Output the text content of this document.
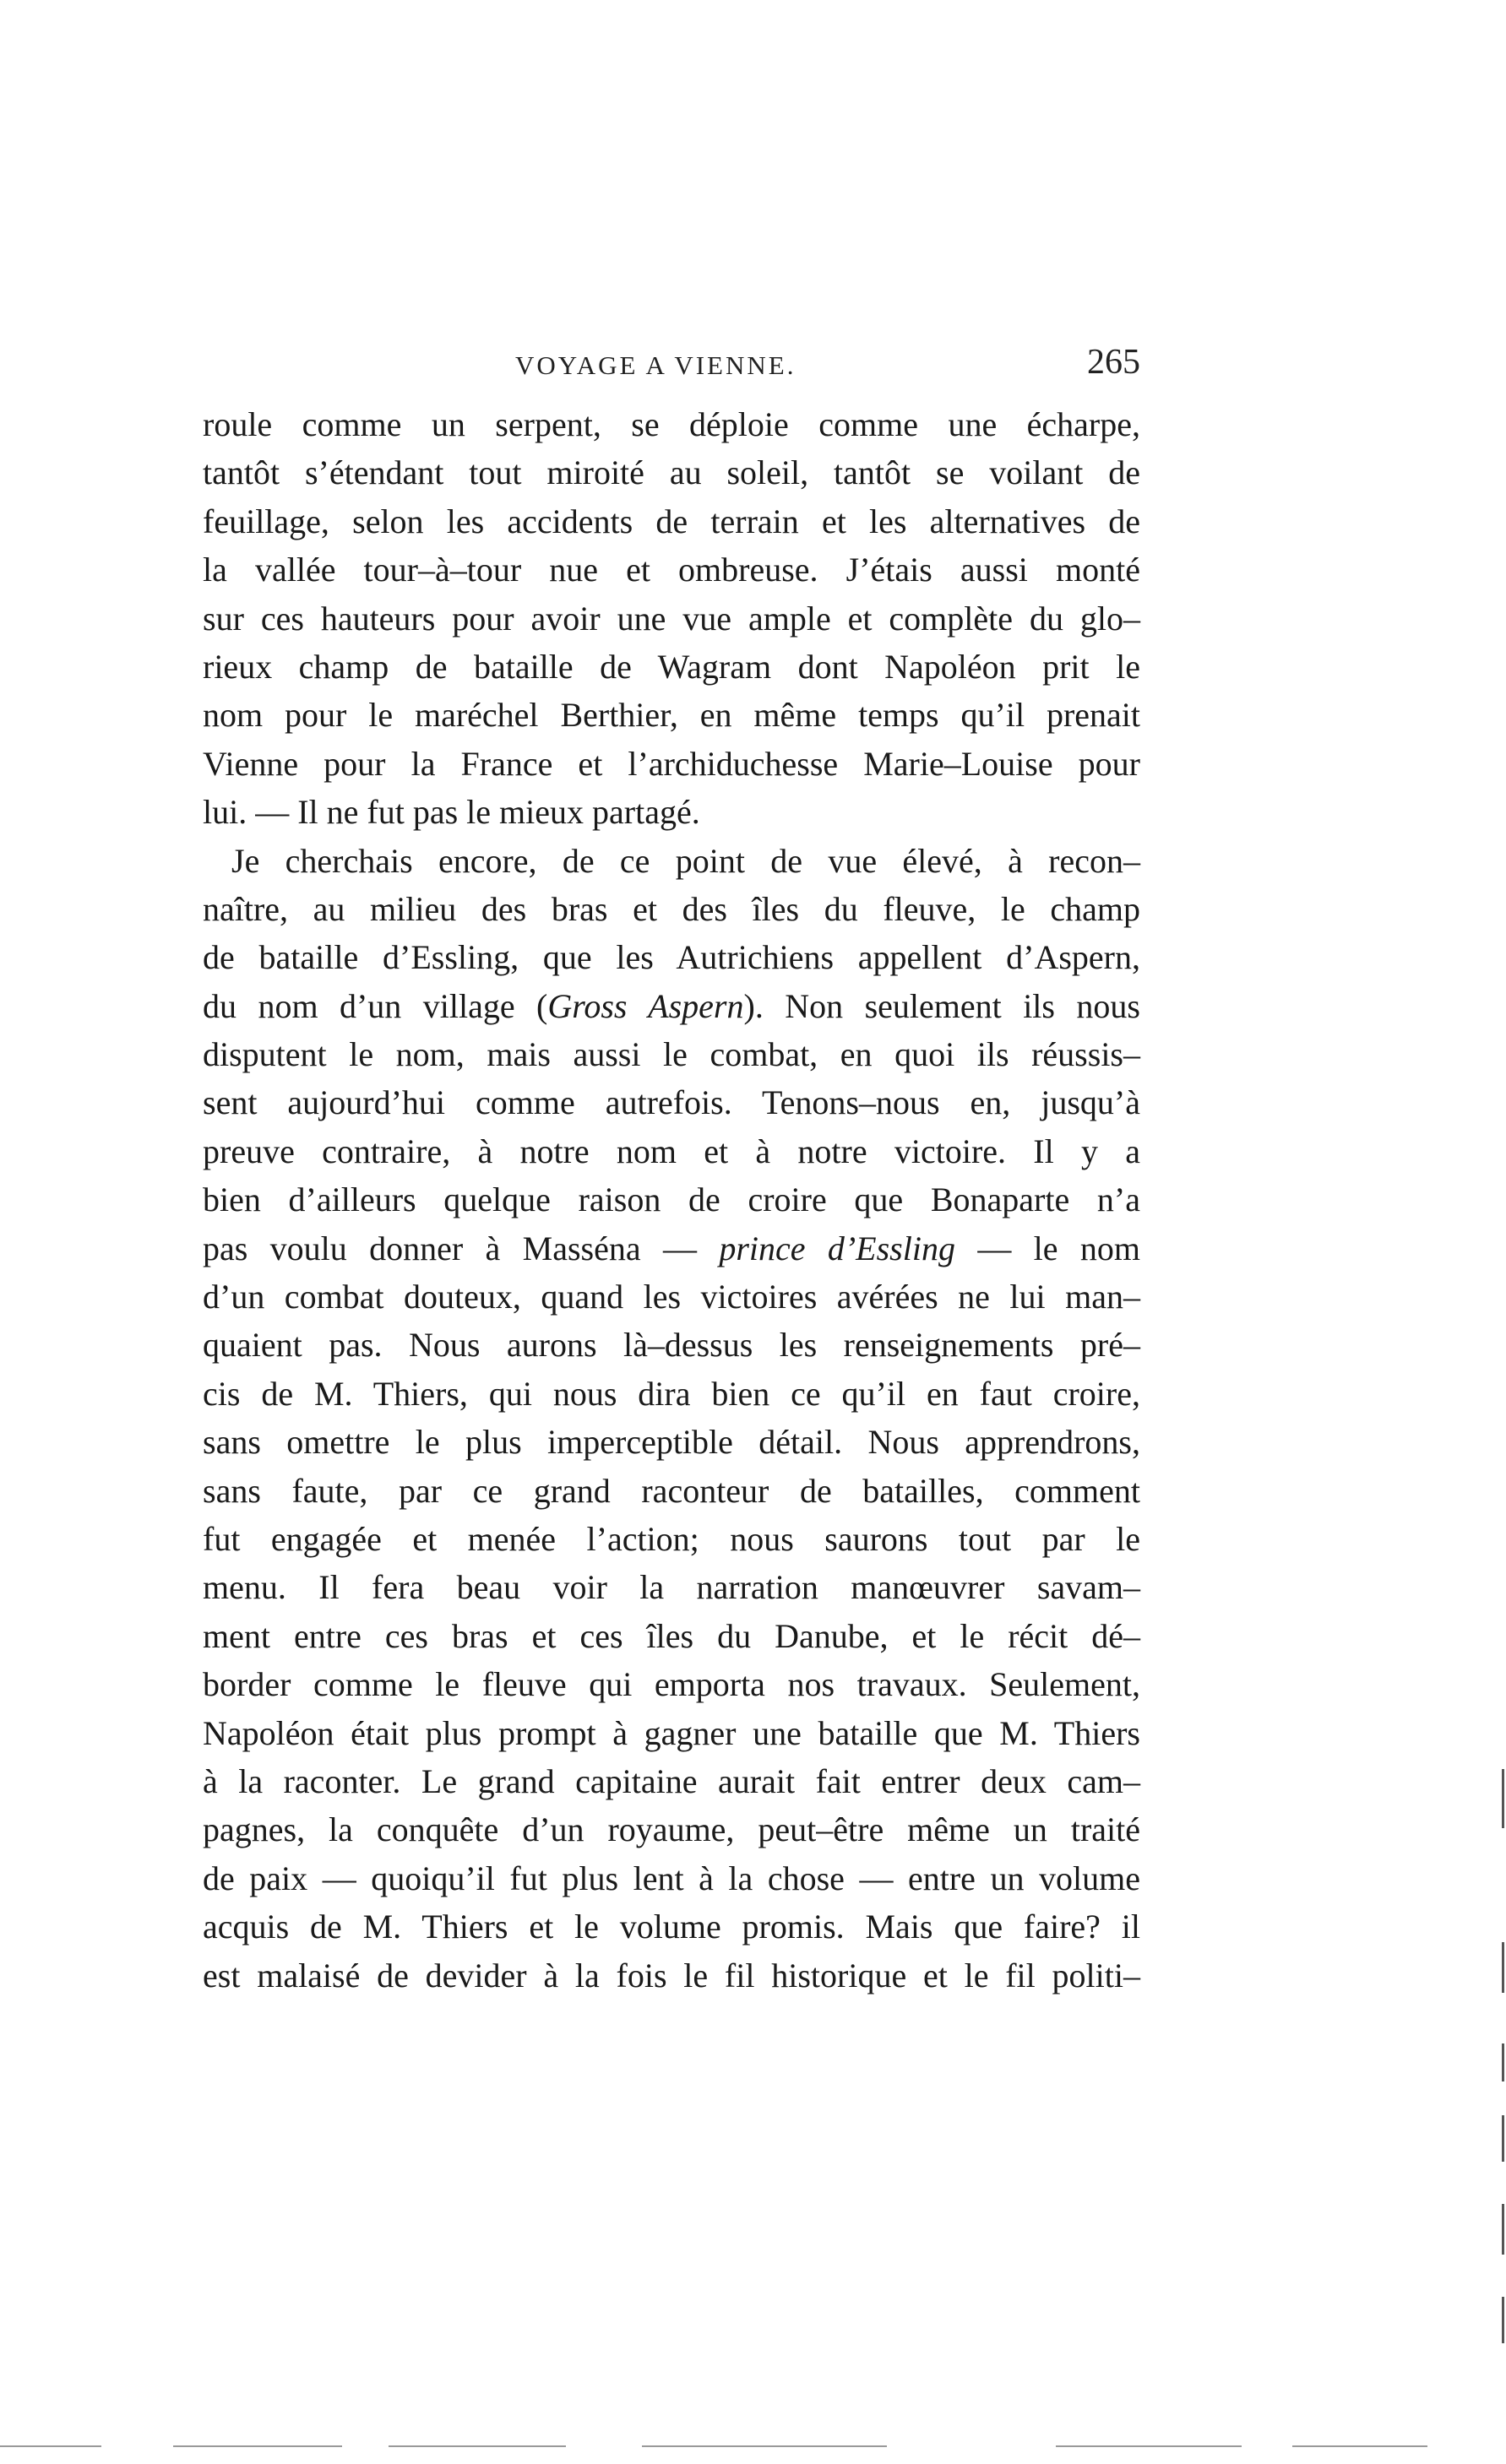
VOYAGE A VIENNE.	265
roule comme un serpent, se déploie comme une écharpe,
tantôt s’étendant tout miroité au soleil, tantôt se voilant de
feuillage, selon les accidents de terrain et les alternatives de
la vallée tour–à–tour nue et ombreuse. J’étais aussi monté
sur ces hauteurs pour avoir une vue ample et complète du glo–
rieux champ de bataille de Wagram dont Napoléon prit le
nom pour le maréchel Berthier, en même temps qu’il prenait
Vienne pour la France et l’archiduchesse Marie–Louise pour
lui. — Il ne fut pas le mieux partagé.
Je cherchais encore, de ce point de vue élevé, à recon–
naître, au milieu des bras et des îles du fleuve, le champ
de bataille d’Essling, que les Autrichiens appellent d’Aspern,
du nom d’un village (Gross Aspern). Non seulement ils nous
disputent le nom, mais aussi le combat, en quoi ils réussis–
sent aujourd’hui comme autrefois. Tenons–nous en, jusqu’à
preuve contraire, à notre nom et à notre victoire. Il y a
bien d’ailleurs quelque raison de croire que Bonaparte n’a
pas voulu donner à Masséna — prince d’Essling — le nom
d’un combat douteux, quand les victoires avérées ne lui man–
quaient pas. Nous aurons là–dessus les renseignements pré–
cis de M. Thiers, qui nous dira bien ce qu’il en faut croire,
sans omettre le plus imperceptible détail. Nous apprendrons,
sans faute, par ce grand raconteur de batailles, comment
fut engagée et menée l’action; nous saurons tout par le
menu. Il fera beau voir la narration manœuvrer savam–
ment entre ces bras et ces îles du Danube, et le récit dé–
border comme le fleuve qui emporta nos travaux. Seulement,
Napoléon était plus prompt à gagner une bataille que M. Thiers
à la raconter. Le grand capitaine aurait fait entrer deux cam–
pagnes, la conquête d’un royaume, peut–être même un traité
de paix — quoiqu’il fut plus lent à la chose — entre un volume
acquis de M. Thiers et le volume promis. Mais que faire? il
est malaisé de devider à la fois le fil historique et le fil politi–
